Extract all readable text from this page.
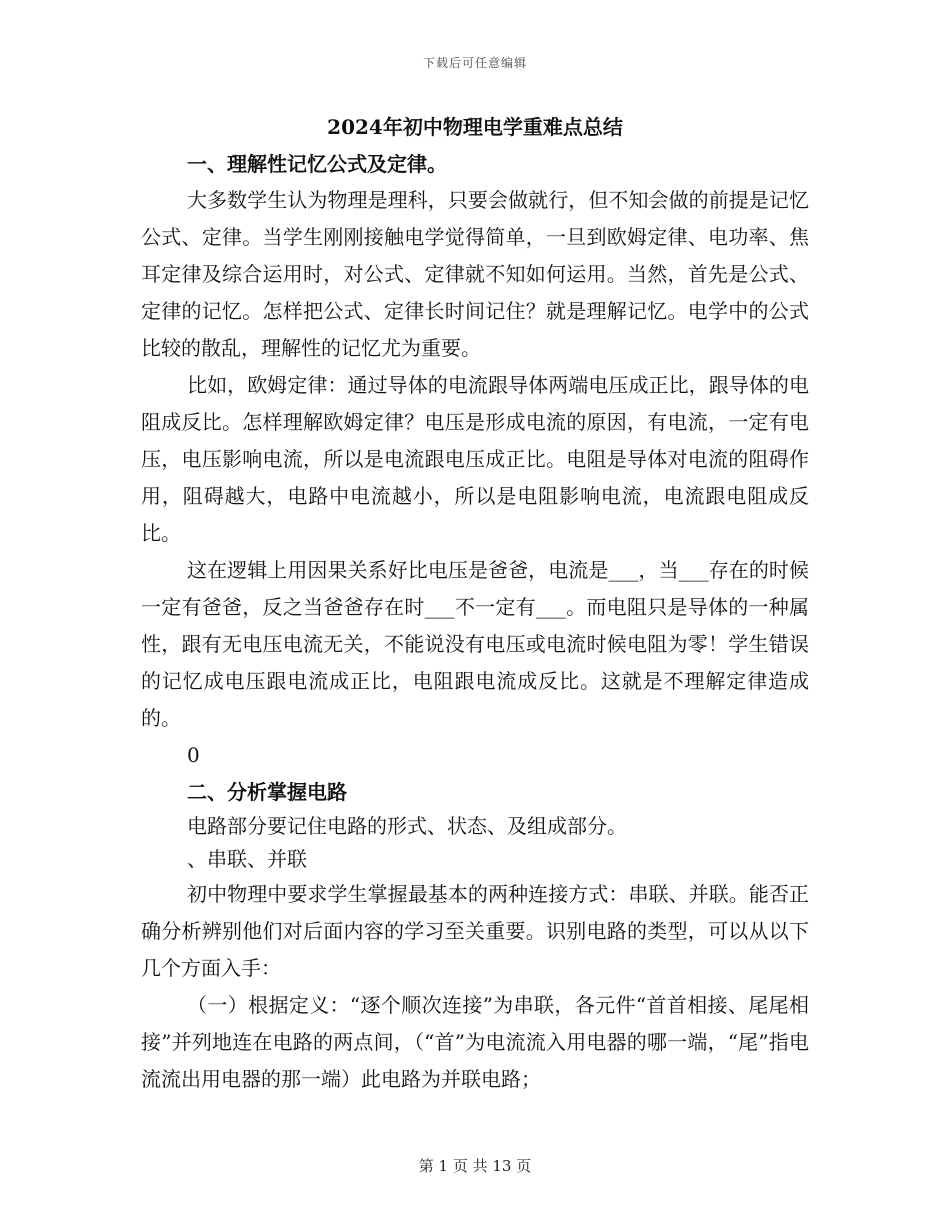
下载后可任意编辑
2024年初中物理电学重难点总结

一、理解性记忆公式及定律。

大多数学生认为物理是理科，只要会做就行，但不知会做的前提是记忆公式、定律。当学生刚刚接触电学觉得简单，一旦到欧姆定律、电功率、焦耳定律及综合运用时，对公式、定律就不知如何运用。当然，首先是公式、定律的记忆。怎样把公式、定律长时间记住？就是理解记忆。电学中的公式比较的散乱，理解性的记忆尤为重要。

比如，欧姆定律：通过导体的电流跟导体两端电压成正比，跟导体的电阻成反比。怎样理解欧姆定律？电压是形成电流的原因，有电流，一定有电压，电压影响电流，所以是电流跟电压成正比。电阻是导体对电流的阻碍作用，阻碍越大，电路中电流越小，所以是电阻影响电流，电流跟电阻成反比。

这在逻辑上用因果关系好比电压是爸爸，电流是___，当___存在的时候一定有爸爸，反之当爸爸存在时___不一定有___。而电阻只是导体的一种属性，跟有无电压电流无关，不能说没有电压或电流时候电阻为零！学生错误的记忆成电压跟电流成正比，电阻跟电流成反比。这就是不理解定律造成的。

0

二、分析掌握电路

电路部分要记住电路的形式、状态、及组成部分。

、串联、并联

初中物理中要求学生掌握最基本的两种连接方式：串联、并联。能否正确分析辨别他们对后面内容的学习至关重要。识别电路的类型，可以从以下几个方面入手：

（一）根据定义：“逐个顺次连接”为串联，各元件“首首相接、尾尾相接”并列地连在电路的两点间，（“首”为电流流入用电器的哪一端，“尾”指电流流出用电器的那一端）此电路为并联电路；

第 1 页 共 13 页
